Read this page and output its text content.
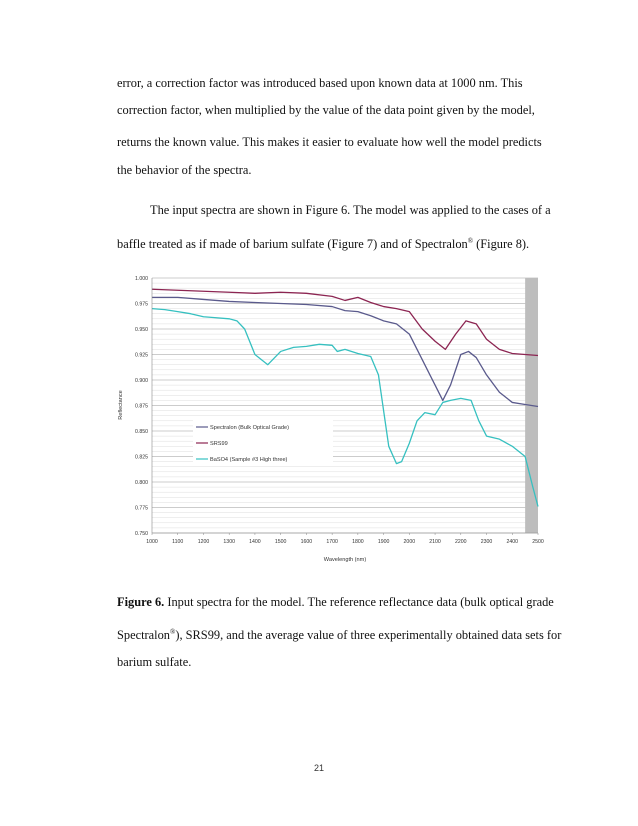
error, a correction factor was introduced based upon known data at 1000 nm. This

correction factor, when multiplied by the value of the data point given by the model,

returns the known value. This makes it easier to evaluate how well the model predicts

the behavior of the spectra.

The input spectra are shown in Figure 6. The model was applied to the cases of a

baffle treated as if made of barium sulfate (Figure 7) and of Spectralon® (Figure 8).

0.750
0.775
0.800
0.825
0.850
0.875
0.900
0.925
0.950
0.975
1.000
1000	1100	1200	1300	1400	1500	1600	1700	1800	1900	2000	2100	2200	2300	2400	2500
Wavelength (nm)
Reflectance
Spectralon (Bulk Optical Grade)
SRS99
BaSO4 (Sample #3 High three)

Figure 6. Input spectra for the model. The reference reflectance data (bulk optical grade

Spectralon®), SRS99, and the average value of three experimentally obtained data sets for

barium sulfate.

21
